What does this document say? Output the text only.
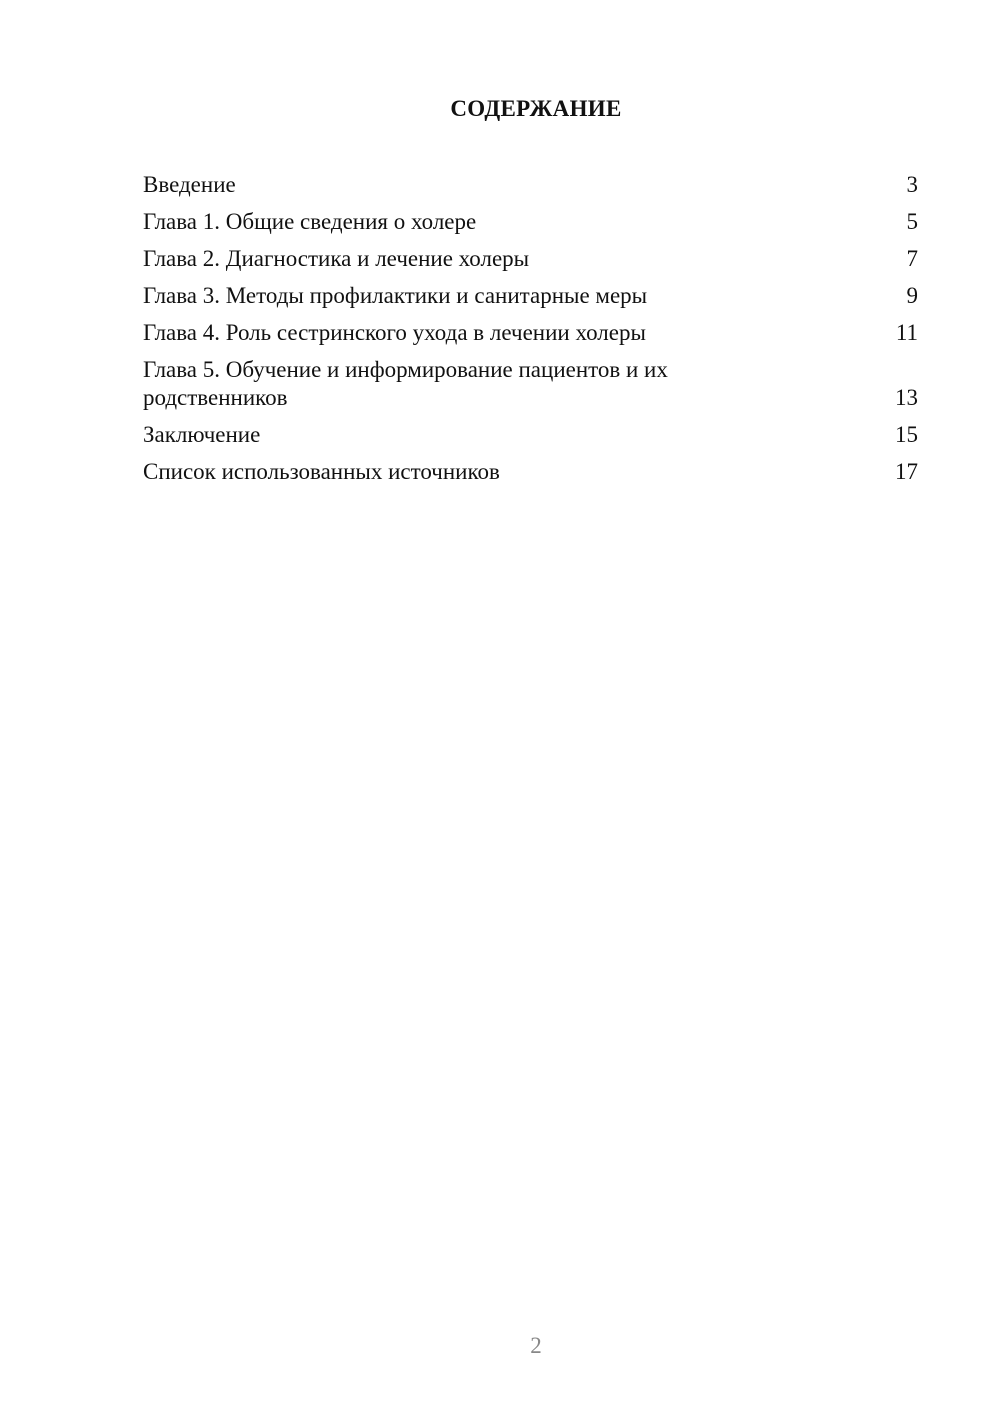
СОДЕРЖАНИЕ
Введение	3
Глава 1. Общие сведения о холере	5
Глава 2. Диагностика и лечение холеры	7
Глава 3. Методы профилактики и санитарные меры	9
Глава 4. Роль сестринского ухода в лечении холеры	11
Глава 5. Обучение и информирование пациентов и их родственников	13
Заключение	15
Список использованных источников	17
2
